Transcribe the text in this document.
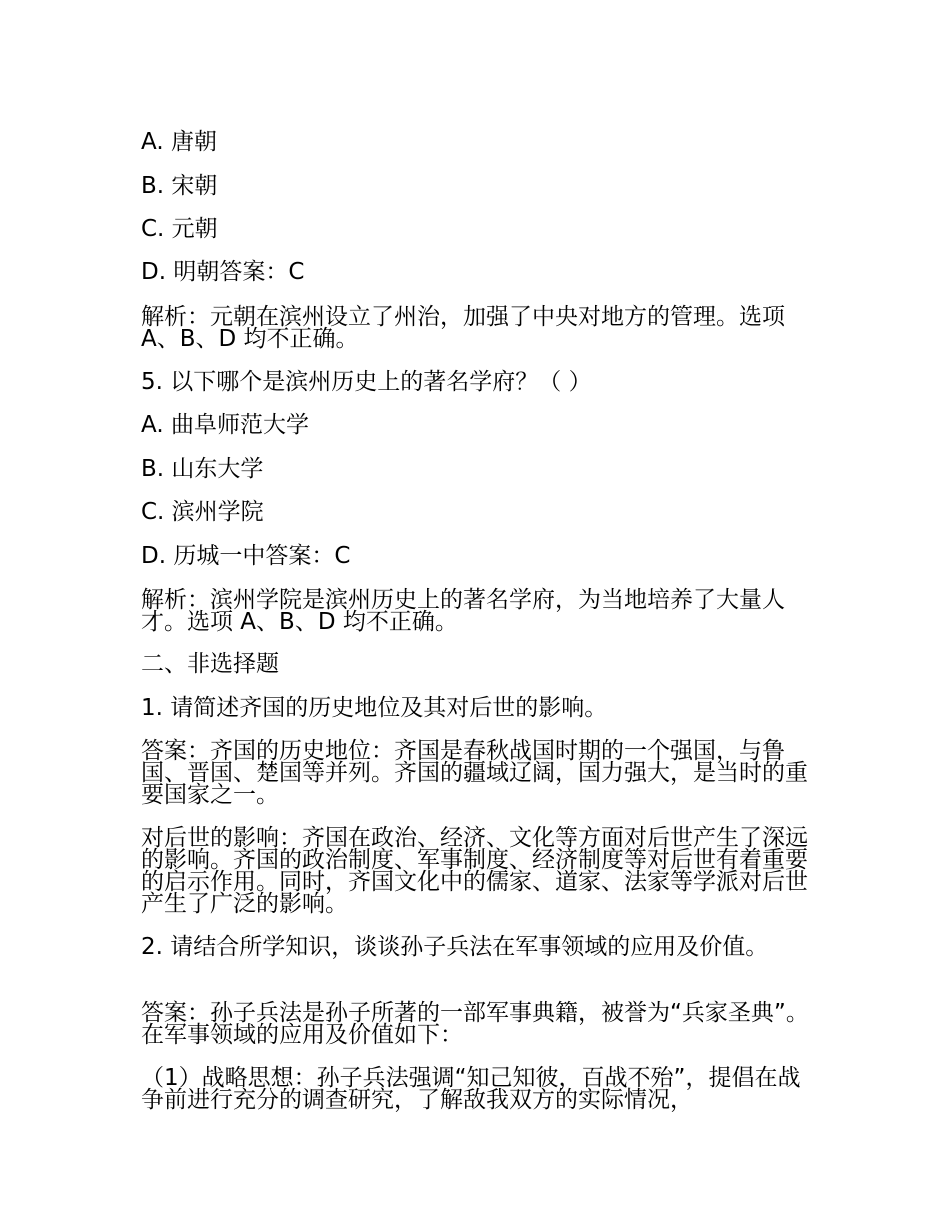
A. 唐朝

B. 宋朝

C. 元朝

D. 明朝答案：C

解析：元朝在滨州设立了州治，加强了中央对地方的管理。选项 A、B、D 均不正确。

5. 以下哪个是滨州历史上的著名学府？（ ）

A. 曲阜师范大学

B. 山东大学

C. 滨州学院

D. 历城一中答案：C

解析：滨州学院是滨州历史上的著名学府，为当地培养了大量人才。选项 A、B、D 均不正确。

二、非选择题

1. 请简述齐国的历史地位及其对后世的影响。

答案：齐国的历史地位：齐国是春秋战国时期的一个强国，与鲁国、晋国、楚国等并列。齐国的疆域辽阔，国力强大，是当时的重要国家之一。

对后世的影响：齐国在政治、经济、文化等方面对后世产生了深远的影响。齐国的政治制度、军事制度、经济制度等对后世有着重要的启示作用。同时，齐国文化中的儒家、道家、法家等学派对后世产生了广泛的影响。

2. 请结合所学知识，谈谈孙子兵法在军事领域的应用及价值。

答案：孙子兵法是孙子所著的一部军事典籍，被誉为“兵家圣典”。在军事领域的应用及价值如下：

（1）战略思想：孙子兵法强调“知己知彼，百战不殆”，提倡在战争前进行充分的调查研究，了解敌我双方的实际情况，
